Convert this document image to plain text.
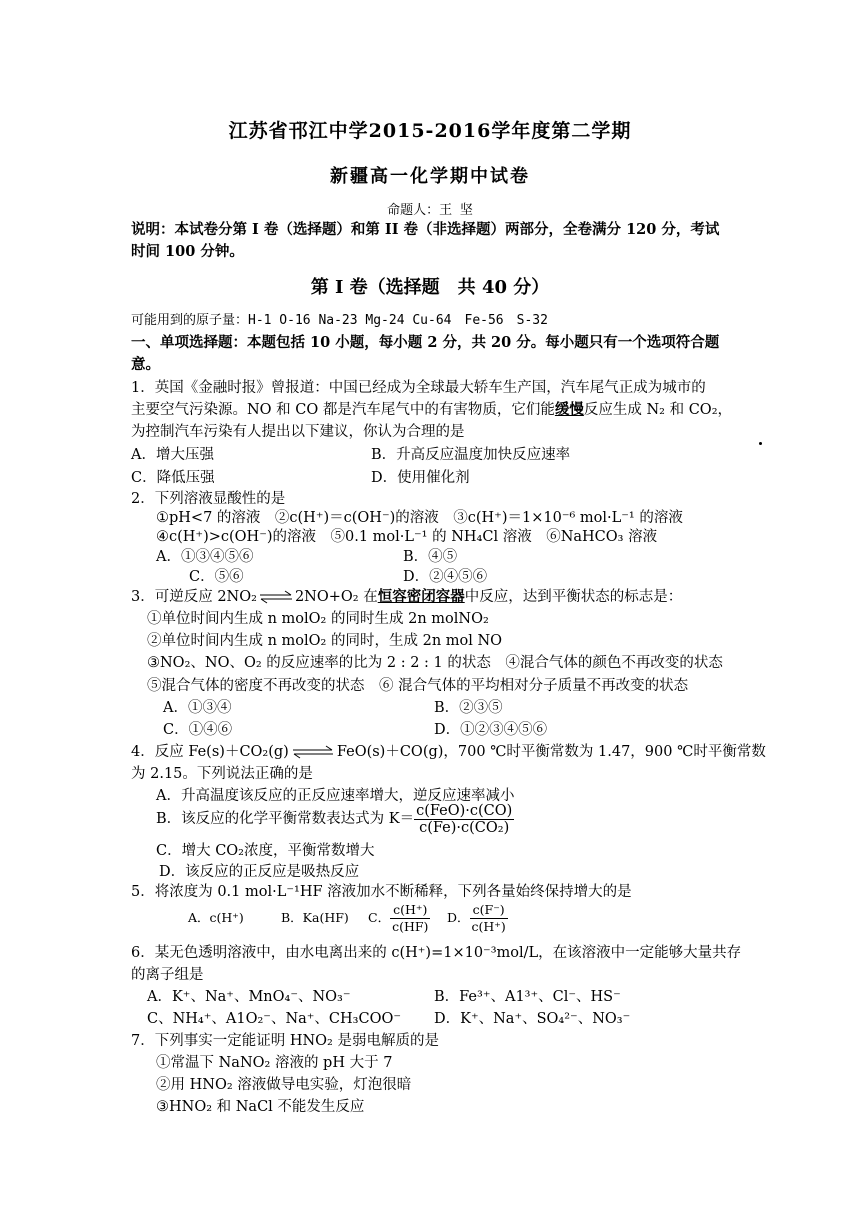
江苏省邗江中学2015-2016学年度第二学期
新疆高一化学期中试卷
命题人：王 坚
说明：本试卷分第 I 卷（选择题）和第 II 卷（非选择题）两部分，全卷满分 120 分，考试
时间 100 分钟。
第 I 卷（选择题　共 40 分）
可能用到的原子量：H-1 O-16 Na-23 Mg-24 Cu-64　Fe-56　S-32
一、单项选择题：本题包括 10 小题，每小题 2 分，共 20 分。每小题只有一个选项符合题
意。
1．英国《金融时报》曾报道：中国已经成为全球最大轿车生产国，汽车尾气正成为城市的
主要空气污染源。NO 和 CO 都是汽车尾气中的有害物质，它们能缓慢反应生成 N₂ 和 CO₂，
为控制汽车污染有人提出以下建议，你认为合理的是
A．增大压强	B．升高反应温度加快反应速率
C．降低压强	D．使用催化剂
2．下列溶液显酸性的是
①pH<7 的溶液　②c(H⁺)＝c(OH⁻)的溶液　③c(H⁺)＝1×10⁻⁶ mol·L⁻¹ 的溶液
④c(H⁺)>c(OH⁻)的溶液　⑤0.1 mol·L⁻¹ 的 NH₄Cl 溶液　⑥NaHCO₃ 溶液
A．①③④⑤⑥	B．④⑤
C．⑤⑥	D．②④⑤⑥
3．可逆反应 2NO₂ ⇌ 2NO+O₂ 在恒容密闭容器中反应，达到平衡状态的标志是：
①单位时间内生成 n molO₂ 的同时生成 2n molNO₂
②单位时间内生成 n molO₂ 的同时，生成 2n mol NO
③NO₂、NO、O₂ 的反应速率的比为 2 : 2 : 1 的状态　④混合气体的颜色不再改变的状态
⑤混合气体的密度不再改变的状态　⑥ 混合气体的平均相对分子质量不再改变的状态
A．①③④	B．②③⑤
C．①④⑥	D．①②③④⑤⑥
4．反应 Fe(s)＋CO₂(g) ⇌ FeO(s)＋CO(g)，700 ℃时平衡常数为 1.47，900 ℃时平衡常数
为 2.15。下列说法正确的是
A．升高温度该反应的正反应速率增大，逆反应速率减小
B．该反应的化学平衡常数表达式为 $K= \frac{\text{c(FeO)·c(CO)}}{\text{c(Fe)·c(CO₂)}}$
C．增大 CO₂浓度，平衡常数增大
D．该反应的正反应是吸热反应
5．将浓度为 0.1 mol·L⁻¹HF 溶液加水不断稀释，下列各量始终保持增大的是
A．c(H⁺)	B．Ka(HF) C． $\frac{c(H^+)}{c(HF)}$ D． $\frac{c(F^-)}{c(H^+)}$
6．某无色透明溶液中，由水电离出来的 c(H⁺)=1×10⁻³mol/L，在该溶液中一定能够大量共存
的离子组是
A．K⁺、Na⁺、MnO₄⁻、NO₃⁻	B．Fe³⁺、A1³⁺、Cl⁻、HS⁻
C、NH₄⁺、A1O₂⁻、Na⁺、CH₃COO⁻ D．K⁺、Na⁺、SO₄²⁻、NO₃⁻
7．下列事实一定能证明 HNO₂ 是弱电解质的是
①常温下 NaNO₂ 溶液的 pH 大于 7
②用 HNO₂ 溶液做导电实验，灯泡很暗
③HNO₂ 和 NaCl 不能发生反应
